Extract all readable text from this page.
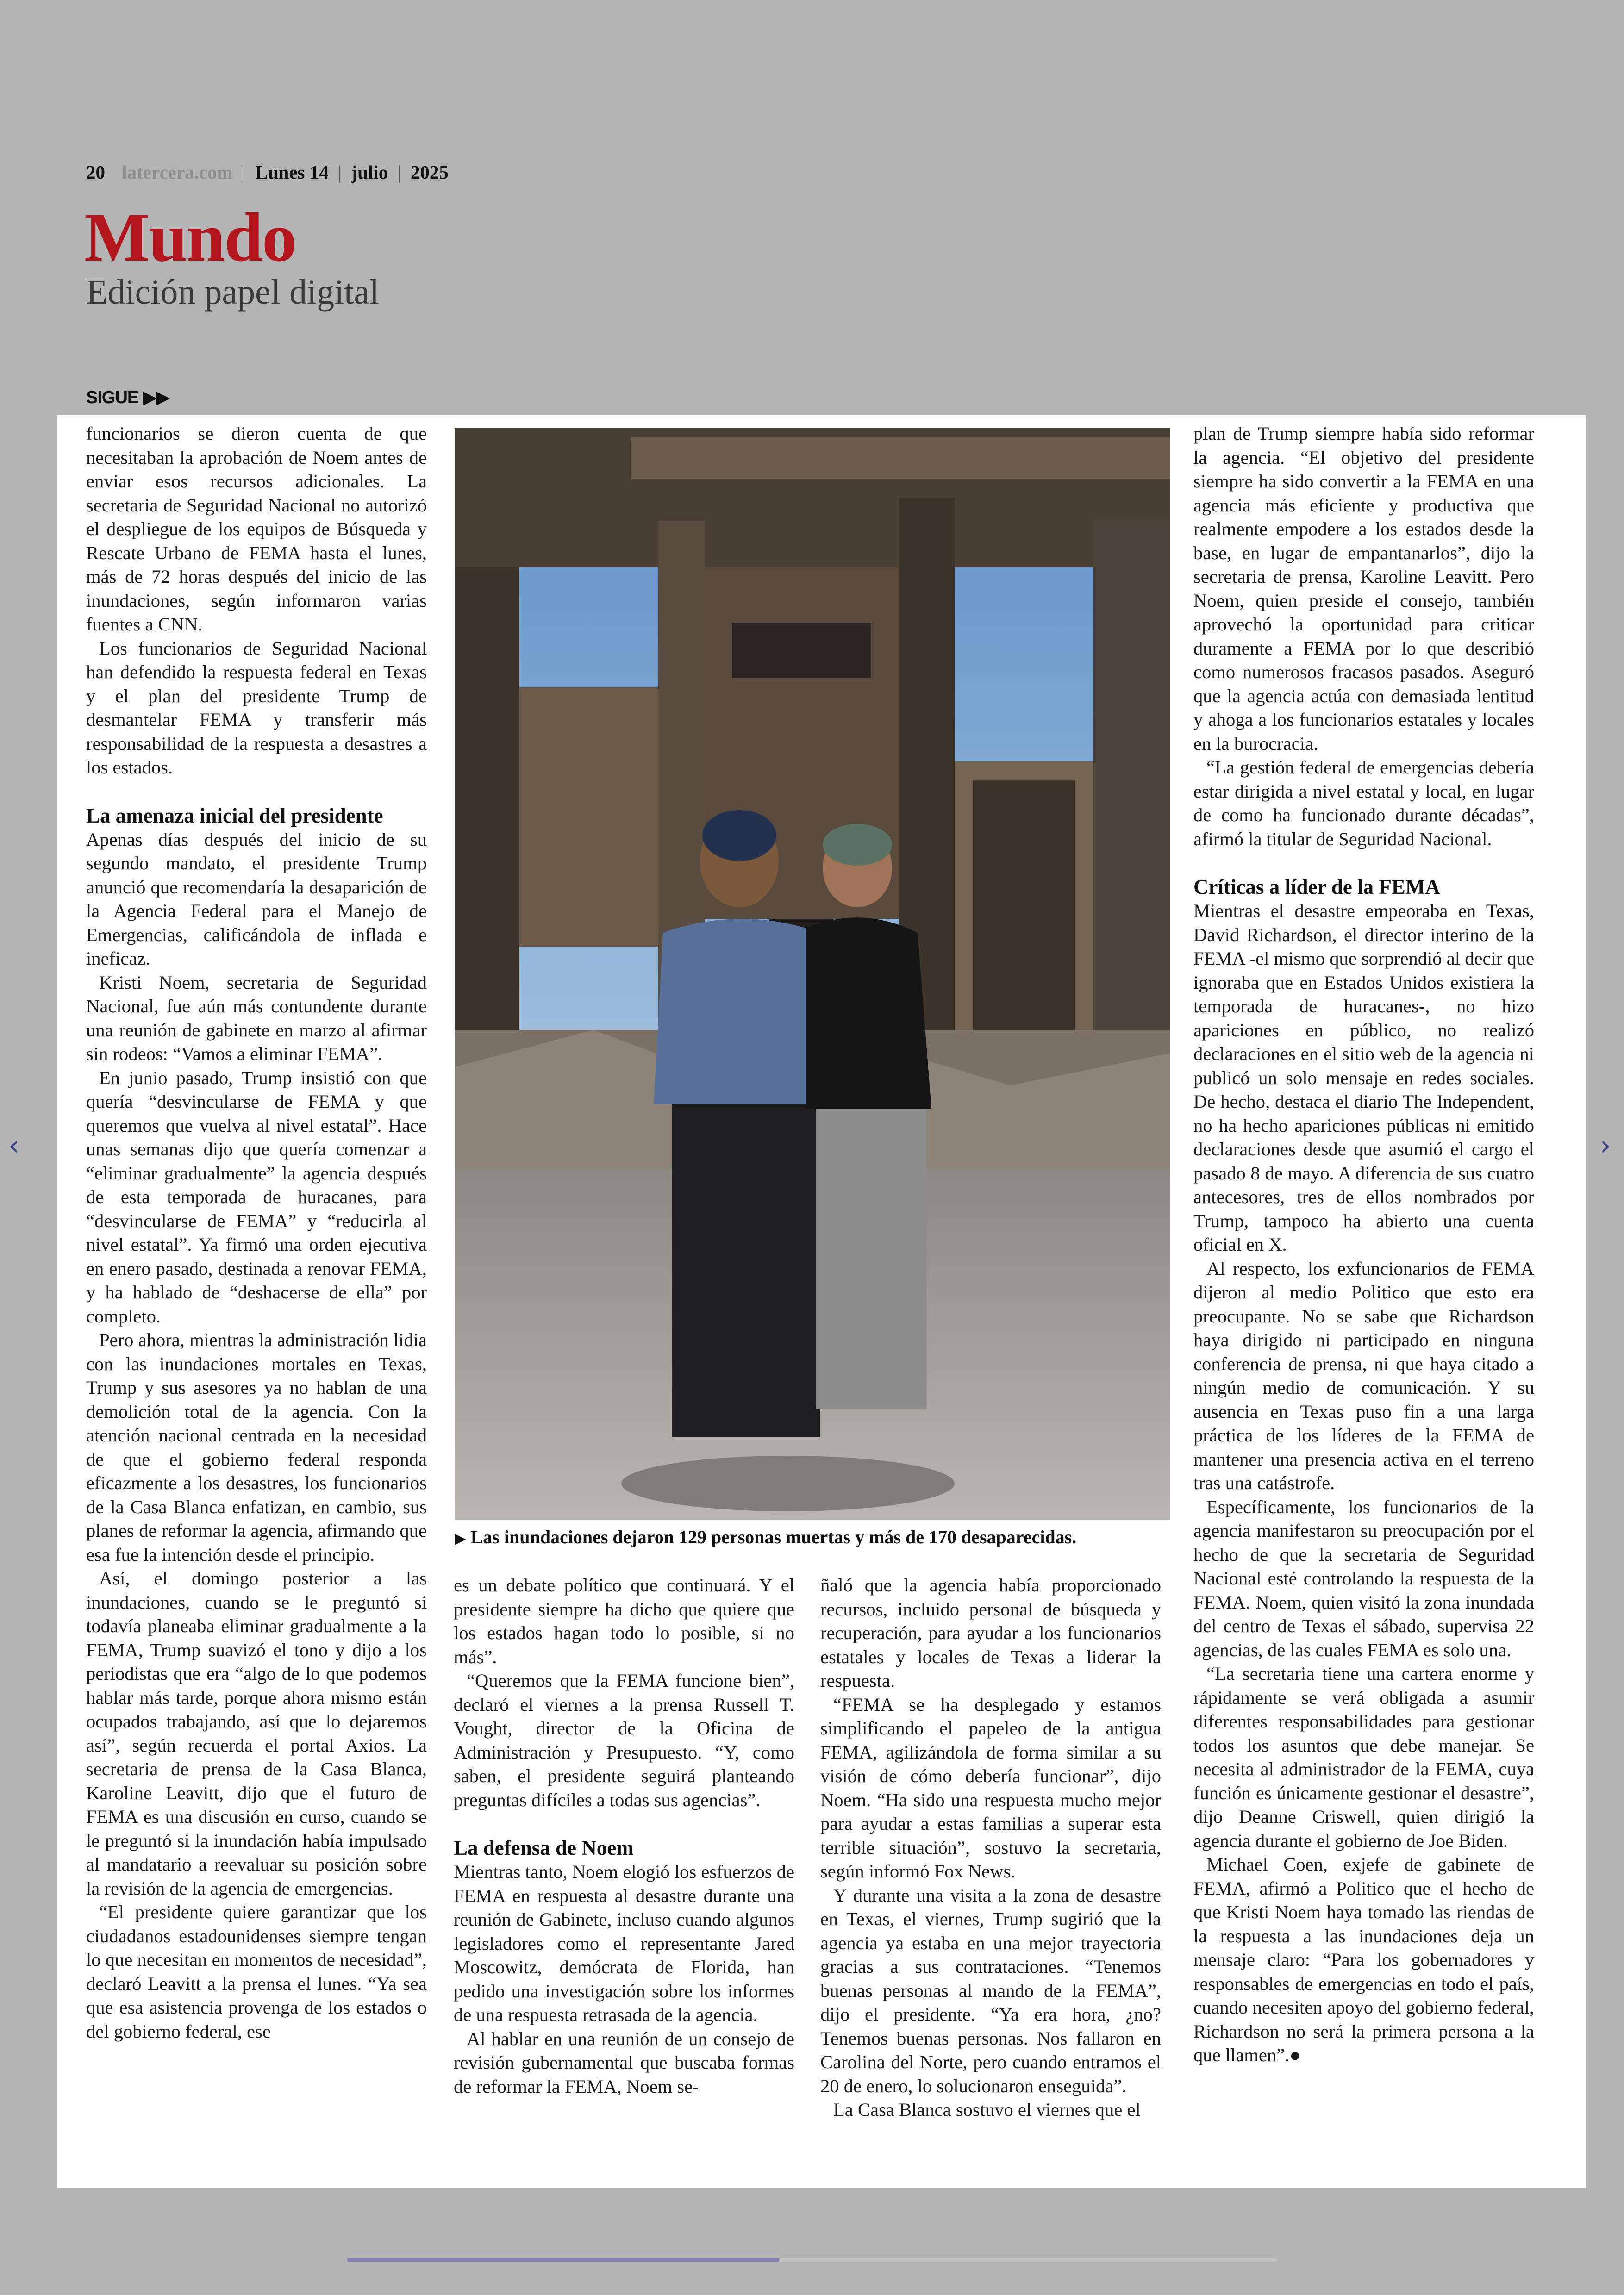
20 latercera.com | Lunes 14 | julio | 2025
Mundo
Edición papel digital
SIGUE ▶▶
‹	›

funcionarios se dieron cuenta de que necesitaban la aprobación de Noem antes de enviar esos recursos adicionales. La secretaria de Seguridad Nacional no autorizó el despliegue de los equipos de Búsqueda y Rescate Urbano de FEMA hasta el lunes, más de 72 horas después del inicio de las inundaciones, según informaron varias fuentes a CNN.

Los funcionarios de Seguridad Nacional han defendido la respuesta federal en Texas y el plan del presidente Trump de desmantelar FEMA y transferir más responsabilidad de la respuesta a desastres a los estados.

La amenaza inicial del presidente

Apenas días después del inicio de su segundo mandato, el presidente Trump anunció que recomendaría la desaparición de la Agencia Federal para el Manejo de Emergencias, calificándola de inflada e ineficaz.

Kristi Noem, secretaria de Seguridad Nacional, fue aún más contundente durante una reunión de gabinete en marzo al afirmar sin rodeos: “Vamos a eliminar FEMA”.

En junio pasado, Trump insistió con que quería “desvincularse de FEMA y que queremos que vuelva al nivel estatal”. Hace unas semanas dijo que quería comenzar a “eliminar gradualmente” la agencia después de esta temporada de huracanes, para “desvincularse de FEMA” y “reducirla al nivel estatal”. Ya firmó una orden ejecutiva en enero pasado, destinada a renovar FEMA, y ha hablado de “deshacerse de ella” por completo.

Pero ahora, mientras la administración lidia con las inundaciones mortales en Texas, Trump y sus asesores ya no hablan de una demolición total de la agencia. Con la atención nacional centrada en la necesidad de que el gobierno federal responda eficazmente a los desastres, los funcionarios de la Casa Blanca enfatizan, en cambio, sus planes de reformar la agencia, afirmando que esa fue la intención desde el principio.

Así, el domingo posterior a las inundaciones, cuando se le preguntó si todavía planeaba eliminar gradualmente a la FEMA, Trump suavizó el tono y dijo a los periodistas que era “algo de lo que podemos hablar más tarde, porque ahora mismo están ocupados trabajando, así que lo dejaremos así”, según recuerda el portal Axios. La secretaria de prensa de la Casa Blanca, Karoline Leavitt, dijo que el futuro de FEMA es una discusión en curso, cuando se le preguntó si la inundación había impulsado al mandatario a reevaluar su posición sobre la revisión de la agencia de emergencias.

“El presidente quiere garantizar que los ciudadanos estadounidenses siempre tengan lo que necesitan en momentos de necesidad”, declaró Leavitt a la prensa el lunes. “Ya sea que esa asistencia provenga de los estados o del gobierno federal, ese

▶ Las inundaciones dejaron 129 personas muertas y más de 170 desaparecidas.

es un debate político que continuará. Y el presidente siempre ha dicho que quiere que los estados hagan todo lo posible, si no más”.

“Queremos que la FEMA funcione bien”, declaró el viernes a la prensa Russell T. Vought, director de la Oficina de Administración y Presupuesto. “Y, como saben, el presidente seguirá planteando preguntas difíciles a todas sus agencias”.

La defensa de Noem

Mientras tanto, Noem elogió los esfuerzos de FEMA en respuesta al desastre durante una reunión de Gabinete, incluso cuando algunos legisladores como el representante Jared Moscowitz, demócrata de Florida, han pedido una investigación sobre los informes de una respuesta retrasada de la agencia.

Al hablar en una reunión de un consejo de revisión gubernamental que buscaba formas de reformar la FEMA, Noem se-

ñaló que la agencia había proporcionado recursos, incluido personal de búsqueda y recuperación, para ayudar a los funcionarios estatales y locales de Texas a liderar la respuesta.

“FEMA se ha desplegado y estamos simplificando el papeleo de la antigua FEMA, agilizándola de forma similar a su visión de cómo debería funcionar”, dijo Noem. “Ha sido una respuesta mucho mejor para ayudar a estas familias a superar esta terrible situación”, sostuvo la secretaria, según informó Fox News.

Y durante una visita a la zona de desastre en Texas, el viernes, Trump sugirió que la agencia ya estaba en una mejor trayectoria gracias a sus contrataciones. “Tenemos buenas personas al mando de la FEMA”, dijo el presidente. “Ya era hora, ¿no? Tenemos buenas personas. Nos fallaron en Carolina del Norte, pero cuando entramos el 20 de enero, lo solucionaron enseguida”.

La Casa Blanca sostuvo el viernes que el

plan de Trump siempre había sido reformar la agencia. “El objetivo del presidente siempre ha sido convertir a la FEMA en una agencia más eficiente y productiva que realmente empodere a los estados desde la base, en lugar de empantanarlos”, dijo la secretaria de prensa, Karoline Leavitt. Pero Noem, quien preside el consejo, también aprovechó la oportunidad para criticar duramente a FEMA por lo que describió como numerosos fracasos pasados. Aseguró que la agencia actúa con demasiada lentitud y ahoga a los funcionarios estatales y locales en la burocracia.

“La gestión federal de emergencias debería estar dirigida a nivel estatal y local, en lugar de como ha funcionado durante décadas”, afirmó la titular de Seguridad Nacional.

Críticas a líder de la FEMA

Mientras el desastre empeoraba en Texas, David Richardson, el director interino de la FEMA -el mismo que sorprendió al decir que ignoraba que en Estados Unidos existiera la temporada de huracanes-, no hizo apariciones en público, no realizó declaraciones en el sitio web de la agencia ni publicó un solo mensaje en redes sociales. De hecho, destaca el diario The Independent, no ha hecho apariciones públicas ni emitido declaraciones desde que asumió el cargo el pasado 8 de mayo. A diferencia de sus cuatro antecesores, tres de ellos nombrados por Trump, tampoco ha abierto una cuenta oficial en X.

Al respecto, los exfuncionarios de FEMA dijeron al medio Politico que esto era preocupante. No se sabe que Richardson haya dirigido ni participado en ninguna conferencia de prensa, ni que haya citado a ningún medio de comunicación. Y su ausencia en Texas puso fin a una larga práctica de los líderes de la FEMA de mantener una presencia activa en el terreno tras una catástrofe.

Específicamente, los funcionarios de la agencia manifestaron su preocupación por el hecho de que la secretaria de Seguridad Nacional esté controlando la respuesta de la FEMA. Noem, quien visitó la zona inundada del centro de Texas el sábado, supervisa 22 agencias, de las cuales FEMA es solo una.

“La secretaria tiene una cartera enorme y rápidamente se verá obligada a asumir diferentes responsabilidades para gestionar todos los asuntos que debe manejar. Se necesita al administrador de la FEMA, cuya función es únicamente gestionar el desastre”, dijo Deanne Criswell, quien dirigió la agencia durante el gobierno de Joe Biden.

Michael Coen, exjefe de gabinete de FEMA, afirmó a Politico que el hecho de que Kristi Noem haya tomado las riendas de la respuesta a las inundaciones deja un mensaje claro: “Para los gobernadores y responsables de emergencias en todo el país, cuando necesiten apoyo del gobierno federal, Richardson no será la primera persona a la que llamen”.●
